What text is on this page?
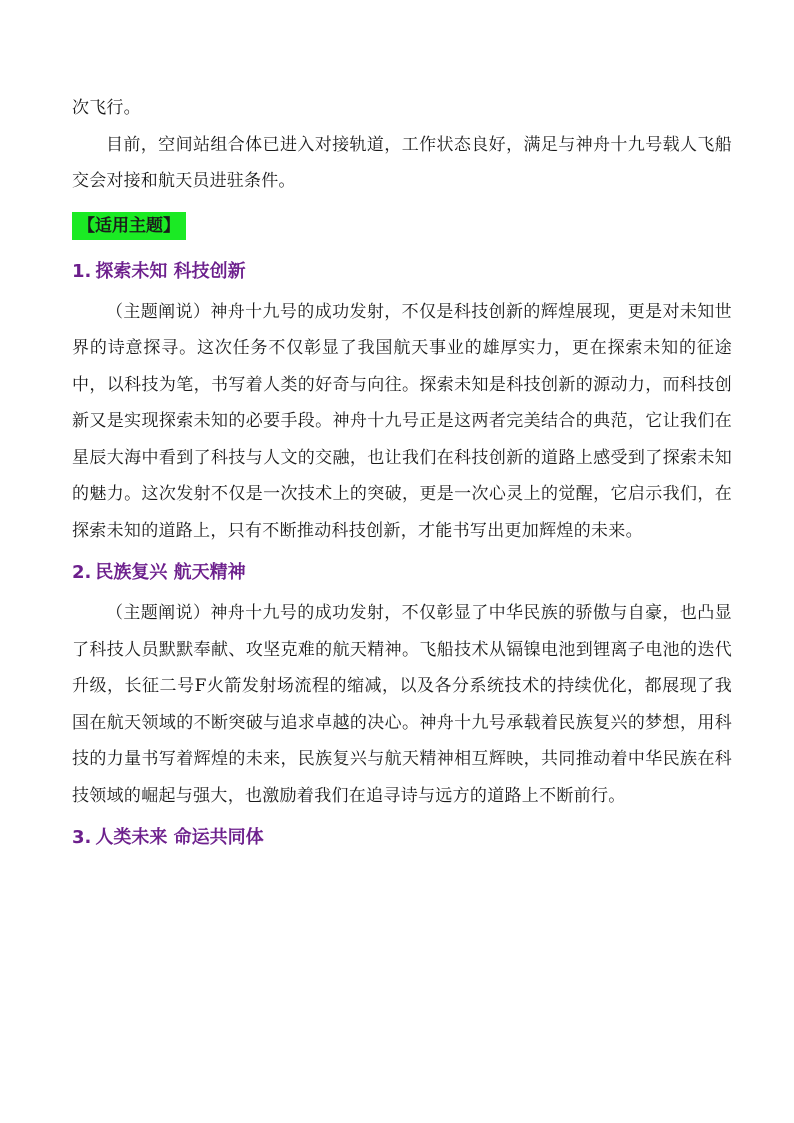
次飞行。

目前，空间站组合体已进入对接轨道，工作状态良好，满足与神舟十九号载人飞船交会对接和航天员进驻条件。

【适用主题】
1. 探索未知 科技创新

（主题阐说）神舟十九号的成功发射，不仅是科技创新的辉煌展现，更是对未知世界的诗意探寻。这次任务不仅彰显了我国航天事业的雄厚实力，更在探索未知的征途中，以科技为笔，书写着人类的好奇与向往。探索未知是科技创新的源动力，而科技创新又是实现探索未知的必要手段。神舟十九号正是这两者完美结合的典范，它让我们在星辰大海中看到了科技与人文的交融，也让我们在科技创新的道路上感受到了探索未知的魅力。这次发射不仅是一次技术上的突破，更是一次心灵上的觉醒，它启示我们，在探索未知的道路上，只有不断推动科技创新，才能书写出更加辉煌的未来。

2. 民族复兴 航天精神

（主题阐说）神舟十九号的成功发射，不仅彰显了中华民族的骄傲与自豪，也凸显了科技人员默默奉献、攻坚克难的航天精神。飞船技术从镉镍电池到锂离子电池的迭代升级，长征二号F火箭发射场流程的缩减，以及各分系统技术的持续优化，都展现了我国在航天领域的不断突破与追求卓越的决心。神舟十九号承载着民族复兴的梦想，用科技的力量书写着辉煌的未来，民族复兴与航天精神相互辉映，共同推动着中华民族在科技领域的崛起与强大，也激励着我们在追寻诗与远方的道路上不断前行。

3. 人类未来 命运共同体
